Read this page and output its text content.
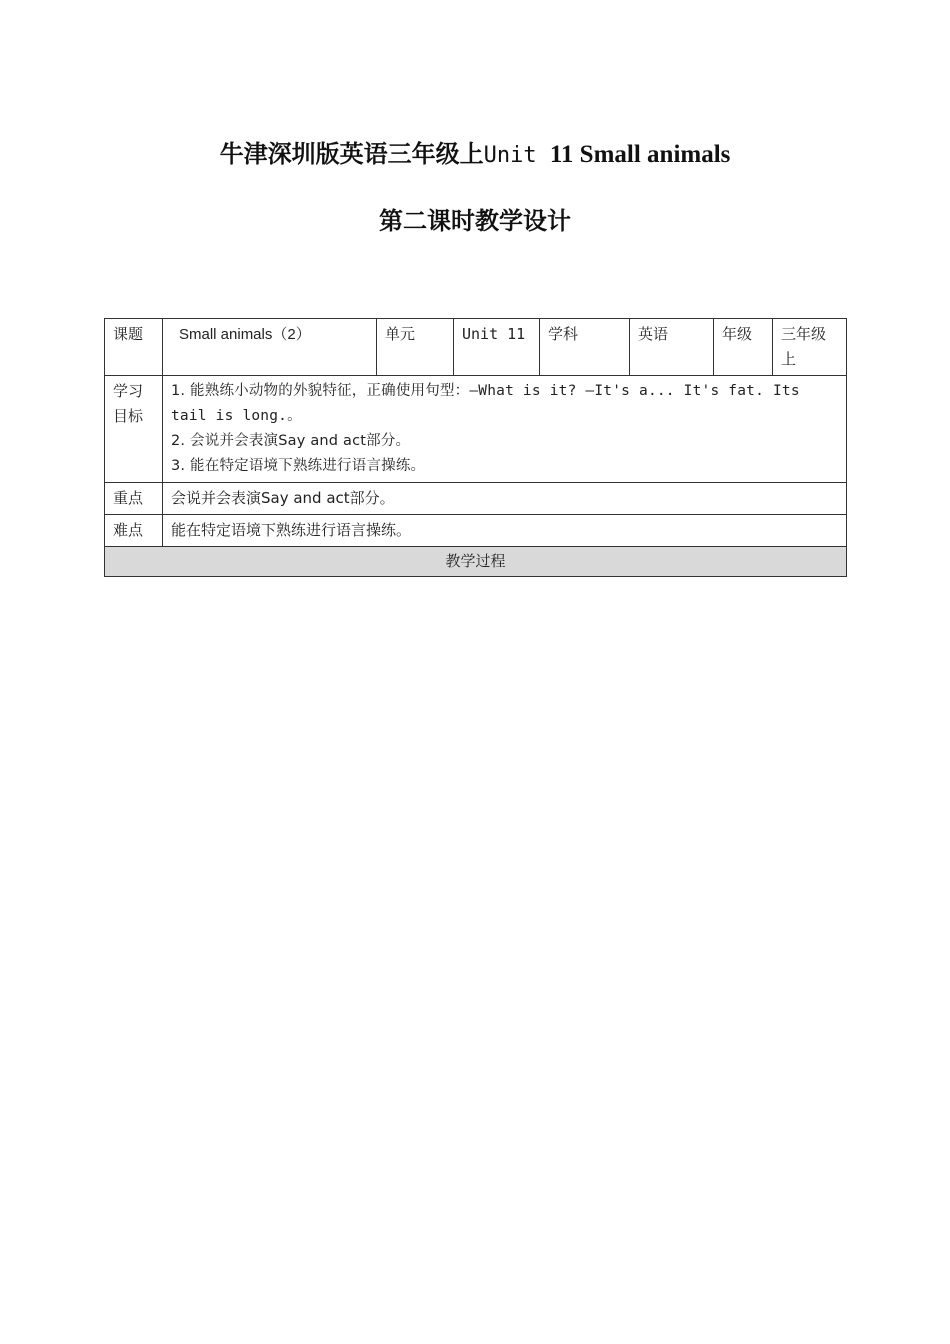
牛津深圳版英语三年级上Unit 11 Small animals
第二课时教学设计
课题	Small animals（2）	单元	Unit 11	学科	英语	年级	三年级上
学习目标	1. 能熟练小动物的外貌特征，正确使用句型：—What is it? —It's a... It's fat. Its tail is long.。
2. 会说并会表演Say and act部分。
3. 能在特定语境下熟练进行语言操练。						

重点	会说并会表演Say and act部分。						
难点	能在特定语境下熟练进行语言操练。						
教学过程							
